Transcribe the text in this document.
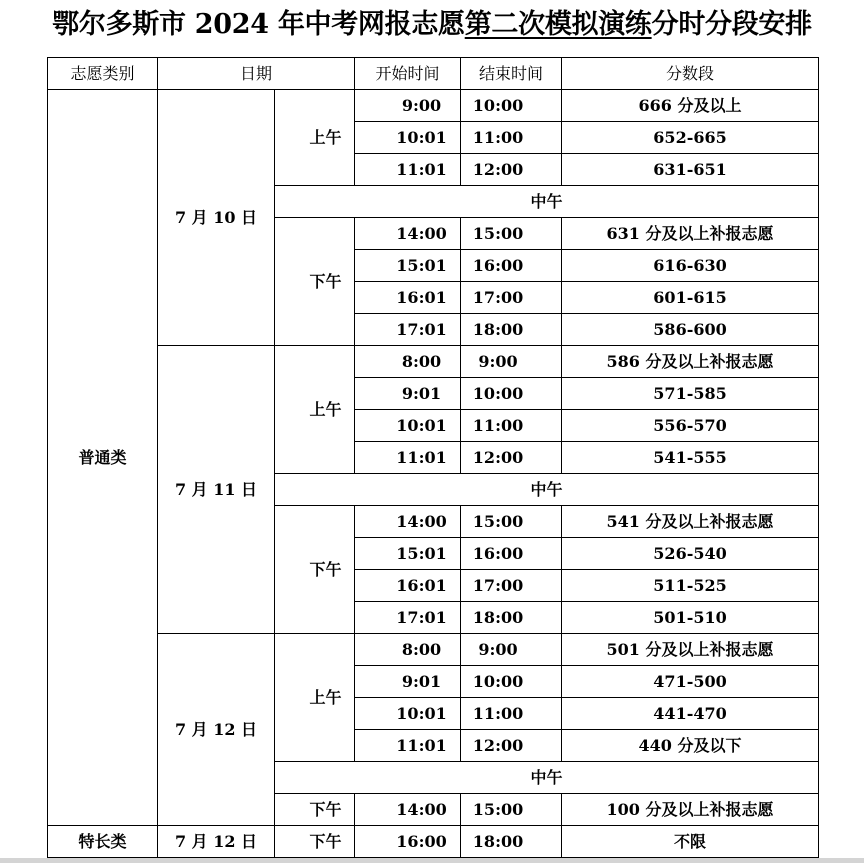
鄂尔多斯市 2024 年中考网报志愿第二次模拟演练分时分段安排
志愿类别	日期		开始时间	结束时间	分数段
普通类	7 月 10 日	上午	9:00	10:00	666 分及以上
			10:01	11:00	652-665
			11:01	12:00	631-651
		中午			
		下午	14:00	15:00	631 分及以上补报志愿
			15:01	16:00	616-630
			16:01	17:00	601-615
			17:01	18:00	586-600
	7 月 11 日	上午	8:00	9:00	586 分及以上补报志愿
			9:01	10:00	571-585
			10:01	11:00	556-570
			11:01	12:00	541-555
		中午			
		下午	14:00	15:00	541 分及以上补报志愿
			15:01	16:00	526-540
			16:01	17:00	511-525
			17:01	18:00	501-510
	7 月 12 日	上午	8:00	9:00	501 分及以上补报志愿
			9:01	10:00	471-500
			10:01	11:00	441-470
			11:01	12:00	440 分及以下
		中午			
		下午	14:00	15:00	100 分及以上补报志愿
特长类	7 月 12 日	下午	16:00	18:00	不限
